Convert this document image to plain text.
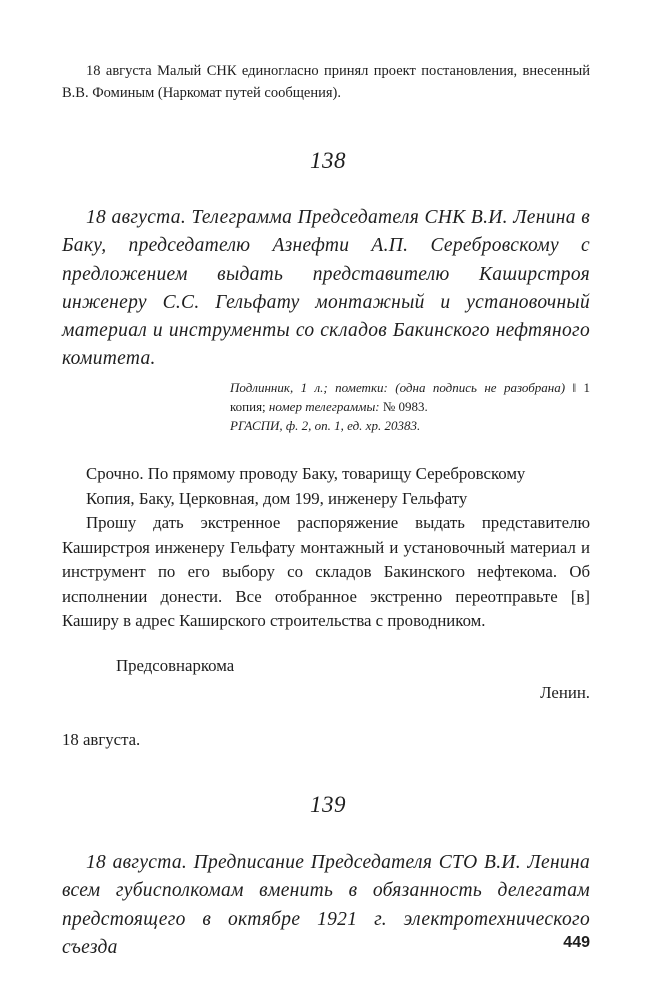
18 августа Малый СНК единогласно принял проект постановления, внесенный В.В. Фоминым (Наркомат путей сообщения).

138

18 августа. Телеграмма Председателя СНК В.И. Ленина в Баку, председателю Азнефти А.П. Серебровскому с предложением выдать представителю Каширстроя инженеру С.С. Гельфату монтажный и установочный материал и инструменты со складов Бакинского нефтяного комитета.

Подлинник, 1 л.; пометки: (одна подпись не разобрана) ‖ 1 копия; номер телеграммы: № 0983.
РГАСПИ, ф. 2, оп. 1, ед. хр. 20383.

Срочно. По прямому проводу Баку, товарищу Серебровскому

Копия, Баку, Церковная, дом 199, инженеру Гельфату

Прошу дать экстренное распоряжение выдать представителю Каширстроя инженеру Гельфату монтажный и установочный материал и инструмент по его выбору со складов Бакинского нефтекома. Об исполнении донести. Все отобранное экстренно переотправьте [в] Каширу в адрес Каширского строительства с проводником.

Предсовнаркома
Ленин.
18 августа.
139

18 августа. Предписание Председателя СТО В.И. Ленина всем губисполкомам вменить в обязанность делегатам предстоящего в октябре 1921 г. электротехнического съезда	449
